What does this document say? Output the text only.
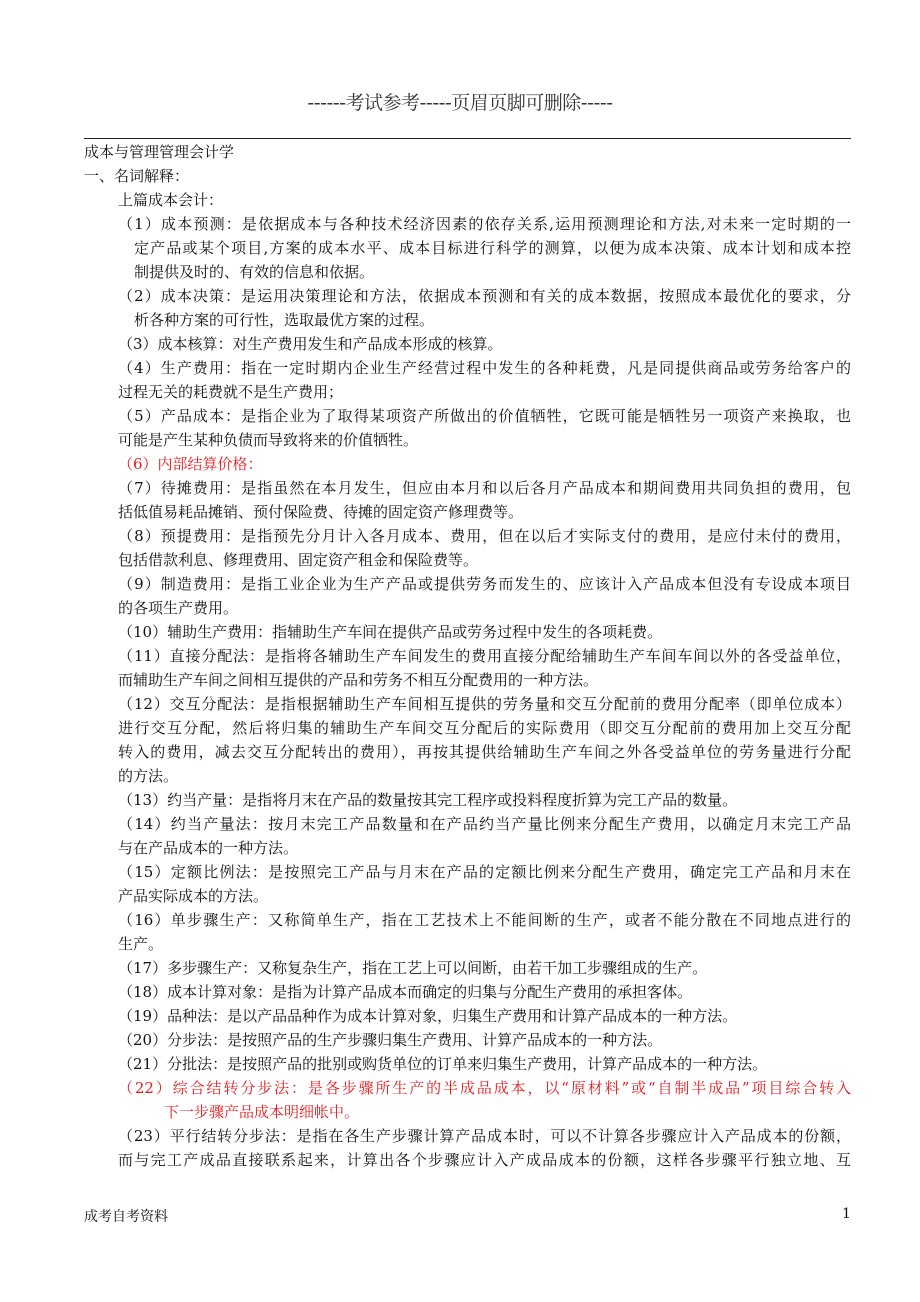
------考试参考-----页眉页脚可删除-----
成本与管理管理会计学
一、名词解释：
上篇成本会计：
（1）成本预测：是依据成本与各种技术经济因素的依存关系,运用预测理论和方法,对未来一定时期的一
定产品或某个项目,方案的成本水平、成本目标进行科学的测算，以便为成本决策、成本计划和成本控
制提供及时的、有效的信息和依据。
（2）成本决策：是运用决策理论和方法，依据成本预测和有关的成本数据，按照成本最优化的要求，分
析各种方案的可行性，选取最优方案的过程。
（3）成本核算：对生产费用发生和产品成本形成的核算。
（4）生产费用：指在一定时期内企业生产经营过程中发生的各种耗费，凡是同提供商品或劳务给客户的
过程无关的耗费就不是生产费用；
（5）产品成本：是指企业为了取得某项资产所做出的价值牺牲，它既可能是牺牲另一项资产来换取，也
可能是产生某种负债而导致将来的价值牺牲。
（6）内部结算价格：
（7）待摊费用：是指虽然在本月发生，但应由本月和以后各月产品成本和期间费用共同负担的费用，包
括低值易耗品摊销、预付保险费、待摊的固定资产修理费等。
（8）预提费用：是指预先分月计入各月成本、费用，但在以后才实际支付的费用，是应付未付的费用，
包括借款利息、修理费用、固定资产租金和保险费等。
（9）制造费用：是指工业企业为生产产品或提供劳务而发生的、应该计入产品成本但没有专设成本项目
的各项生产费用。
（10）辅助生产费用：指辅助生产车间在提供产品或劳务过程中发生的各项耗费。
（11）直接分配法：是指将各辅助生产车间发生的费用直接分配给辅助生产车间车间以外的各受益单位，
而辅助生产车间之间相互提供的产品和劳务不相互分配费用的一种方法。
（12）交互分配法：是指根据辅助生产车间相互提供的劳务量和交互分配前的费用分配率（即单位成本）
进行交互分配，然后将归集的辅助生产车间交互分配后的实际费用（即交互分配前的费用加上交互分配
转入的费用，减去交互分配转出的费用），再按其提供给辅助生产车间之外各受益单位的劳务量进行分配
的方法。
（13）约当产量：是指将月末在产品的数量按其完工程序或投料程度折算为完工产品的数量。
（14）约当产量法：按月末完工产品数量和在产品约当产量比例来分配生产费用，以确定月末完工产品
与在产品成本的一种方法。
（15）定额比例法：是按照完工产品与月末在产品的定额比例来分配生产费用，确定完工产品和月末在
产品实际成本的方法。
（16）单步骤生产：又称简单生产，指在工艺技术上不能间断的生产，或者不能分散在不同地点进行的
生产。
（17）多步骤生产：又称复杂生产，指在工艺上可以间断，由若干加工步骤组成的生产。
（18）成本计算对象：是指为计算产品成本而确定的归集与分配生产费用的承担客体。
（19）品种法：是以产品品种作为成本计算对象，归集生产费用和计算产品成本的一种方法。
（20）分步法：是按照产品的生产步骤归集生产费用、计算产品成本的一种方法。
（21）分批法：是按照产品的批别或购货单位的订单来归集生产费用，计算产品成本的一种方法。
（22）综合结转分步法：是各步骤所生产的半成品成本，以“原材料”或“自制半成品”项目综合转入
下一步骤产品成本明细帐中。
（23）平行结转分步法：是指在各生产步骤计算产品成本时，可以不计算各步骤应计入产品成本的份额，
而与完工产成品直接联系起来，计算出各个步骤应计入产成品成本的份额，这样各步骤平行独立地、互
成考自考资料	1
